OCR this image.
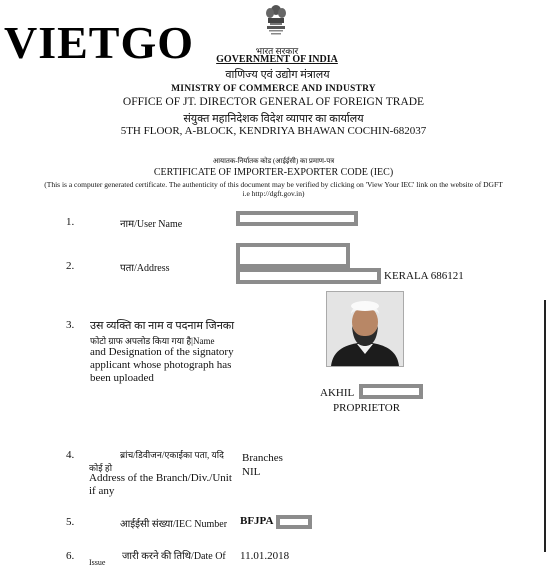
VIETGO	भारत सरकार
GOVERNMENT OF INDIA
वाणिज्य एवं उद्योग मंत्रालय
MINISTRY OF COMMERCE AND INDUSTRY
OFFICE OF JT. DIRECTOR GENERAL OF FOREIGN TRADE
संयुक्त महानिदेशक विदेश व्यापार का कार्यालय
5TH FLOOR, A-BLOCK, KENDRIYA BHAWAN COCHIN-682037
आयातक-निर्यातक कोड (आईईसी) का प्रमाण-पत्र
CERTIFICATE OF IMPORTER-EXPORTER CODE (IEC)
(This is a computer generated certificate. The authenticity of this document may be verified by clicking on 'View Your IEC' link on the website of DGFT
i.e http://dgft.gov.in)
1.	नाम/User Name
2.	पता/Address
KERALA 686121
3. उस व्यक्ति का नाम व पदनाम जिनका
फोटो ग्राफ अपलोड किया गया है|Name
and Designation of the signatory
applicant whose photograph has
been uploaded
AKHIL
PROPRIETOR
4.	ब्रांच/डिवीजन/एकाईका पता, यदि
कोई हो
Address of the Branch/Div./Unit
if any
Branches
NIL
5.	आईईसी संख्या/IEC Number BFJPA
6.	जारी करने की तिथि/Date Of
Issue
11.01.2018
